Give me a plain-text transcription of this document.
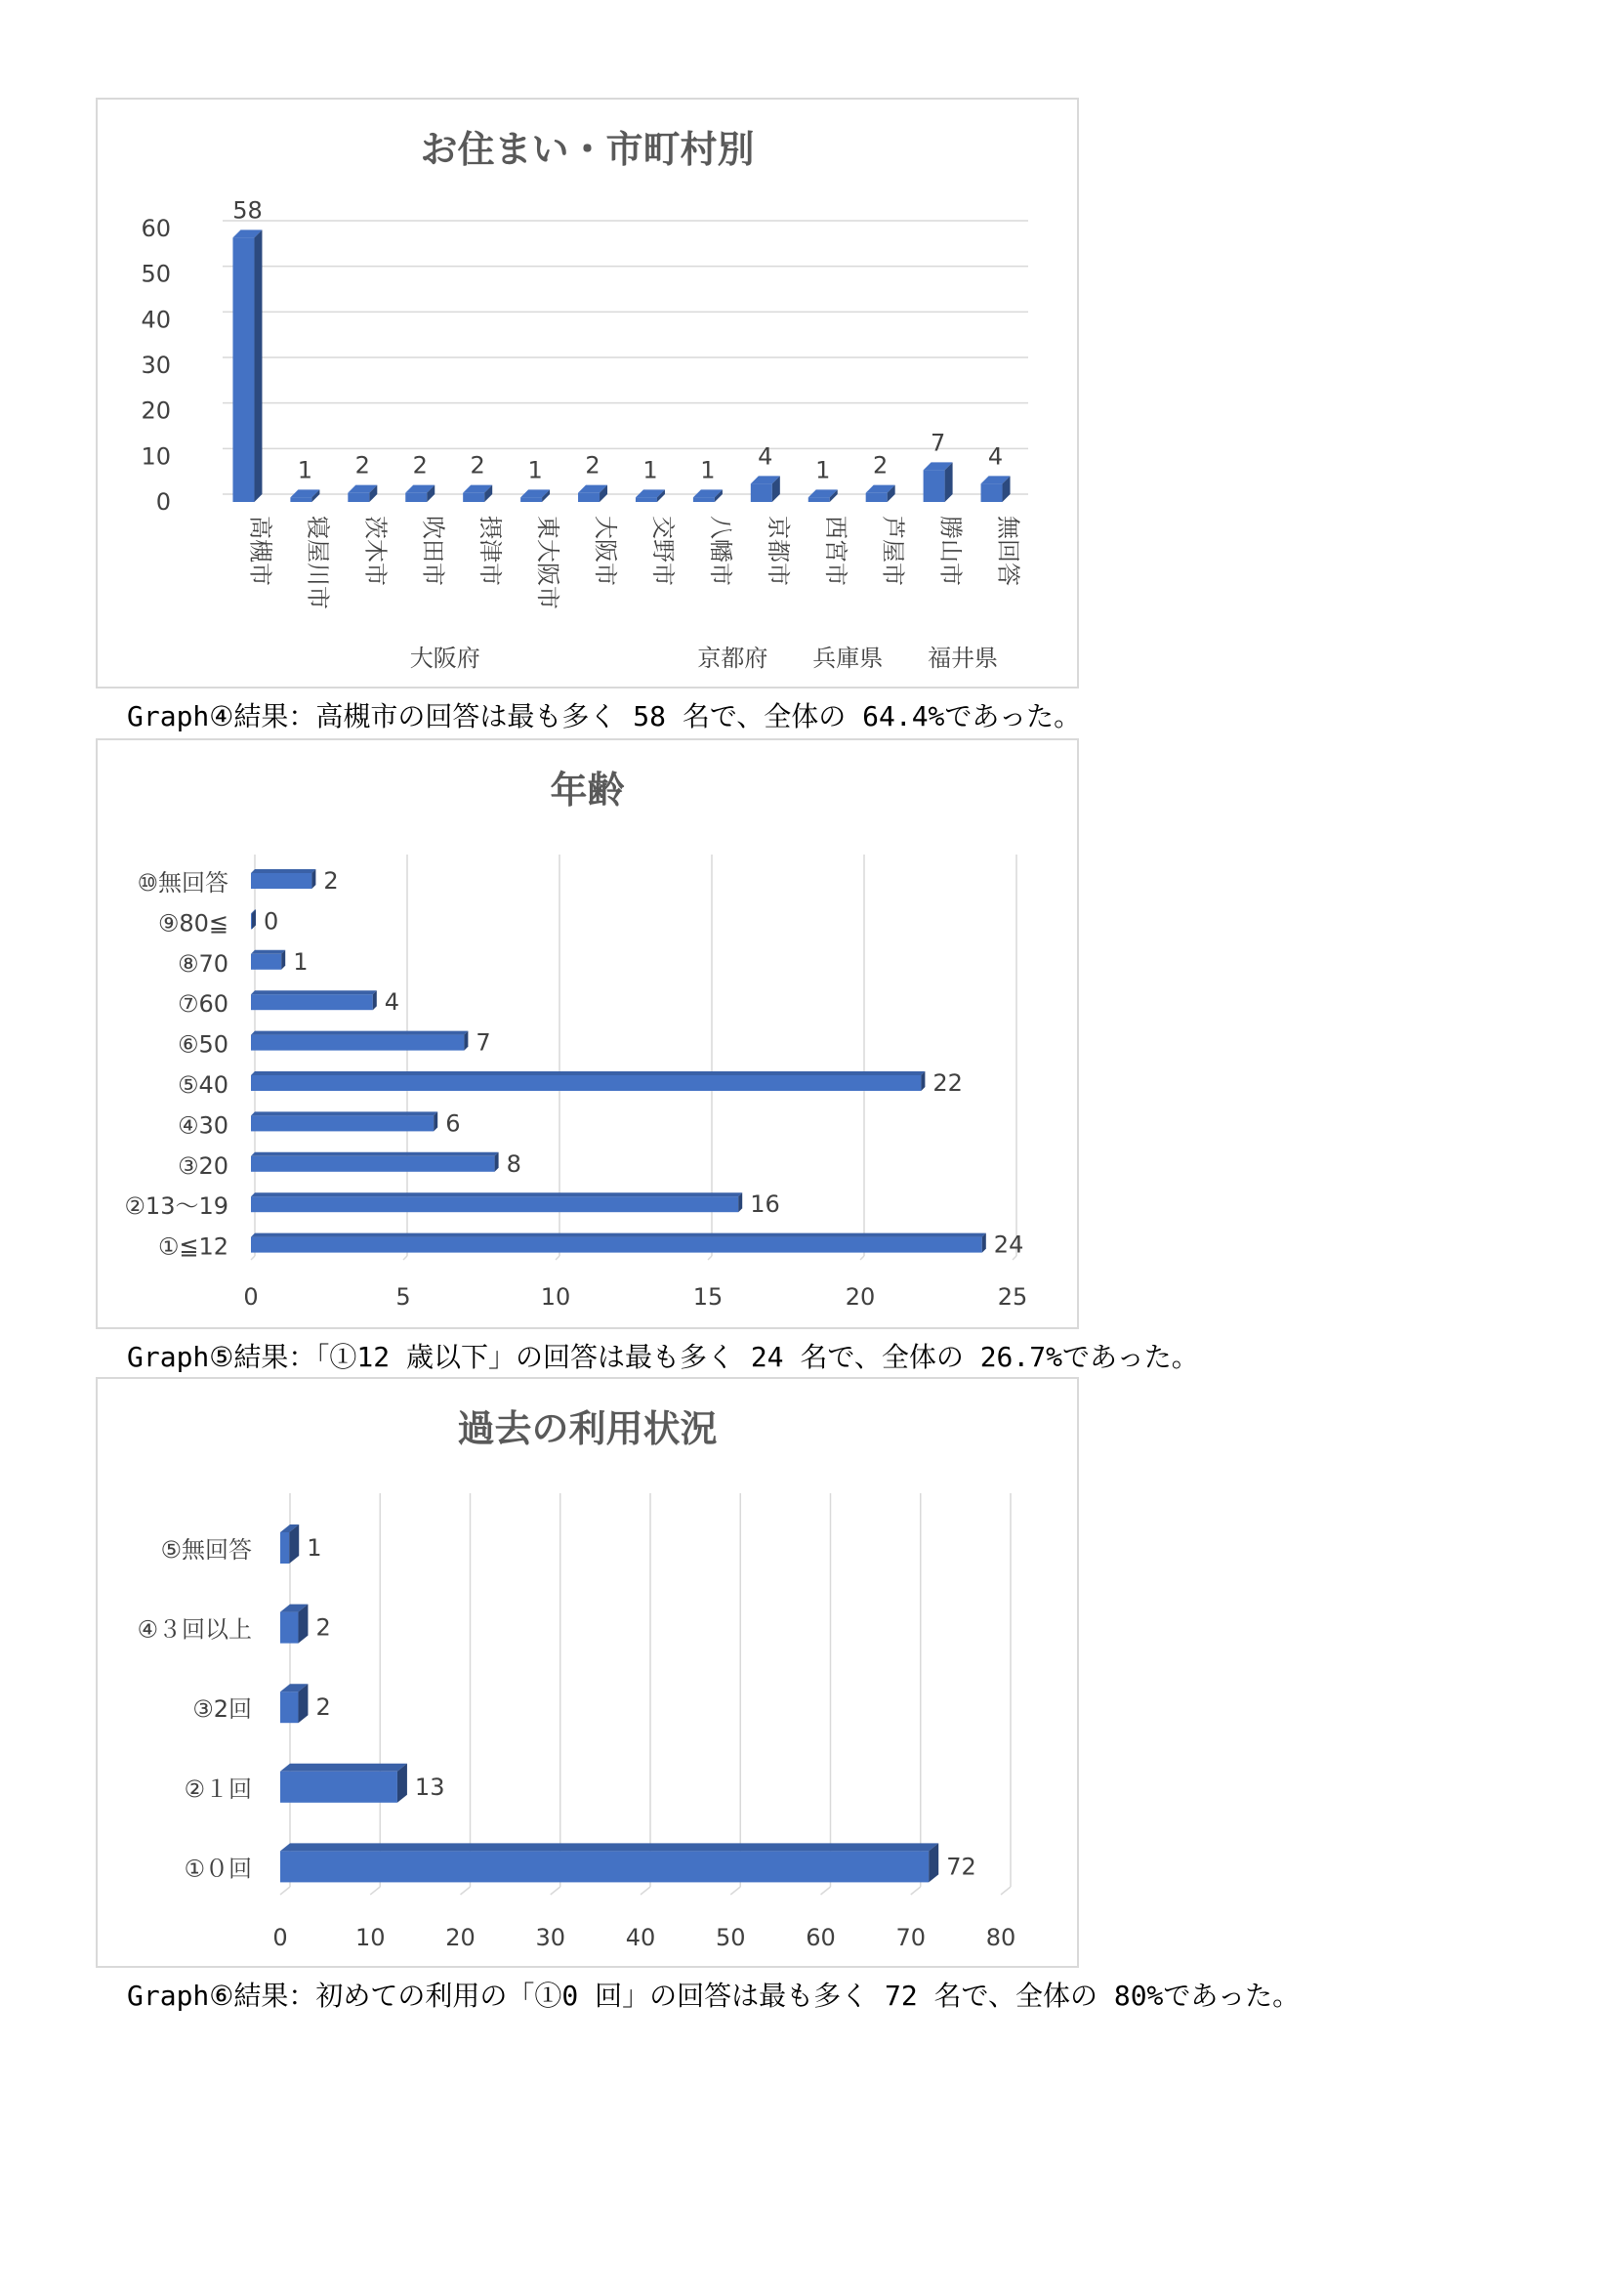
お住まい・市町村別
0
10
20
30
40
50
60
58
高槻市
1
寝屋川市
2
茨木市
2
吹田市
2
摂津市
1
東大阪市
2
大阪市
1
交野市
1
八幡市
4
京都市
1
西宮市
2
芦屋市
7
勝山市
4
無回答
大阪府	京都府 兵庫県 福井県
Graph④結果：高槻市の回答は最も多く 58 名で、全体の 64.4%であった。
年齢
0	5	10	15	20	25
2
⑩無回答
0
⑨80≦
1
⑧70
4
⑦60
7
⑥50
22
⑤40
6
④30
8
③20
16
②13～19
24
①≦12
Graph⑤結果：「①12 歳以下」の回答は最も多く 24 名で、全体の 26.7%であった。
過去の利用状況
0	10	20	30	40	50	60	70	80
1
⑤無回答
2
④３回以上
2
③2回
13
②１回
72
①０回
Graph⑥結果：初めての利用の「①0 回」の回答は最も多く 72 名で、全体の 80%であった。
